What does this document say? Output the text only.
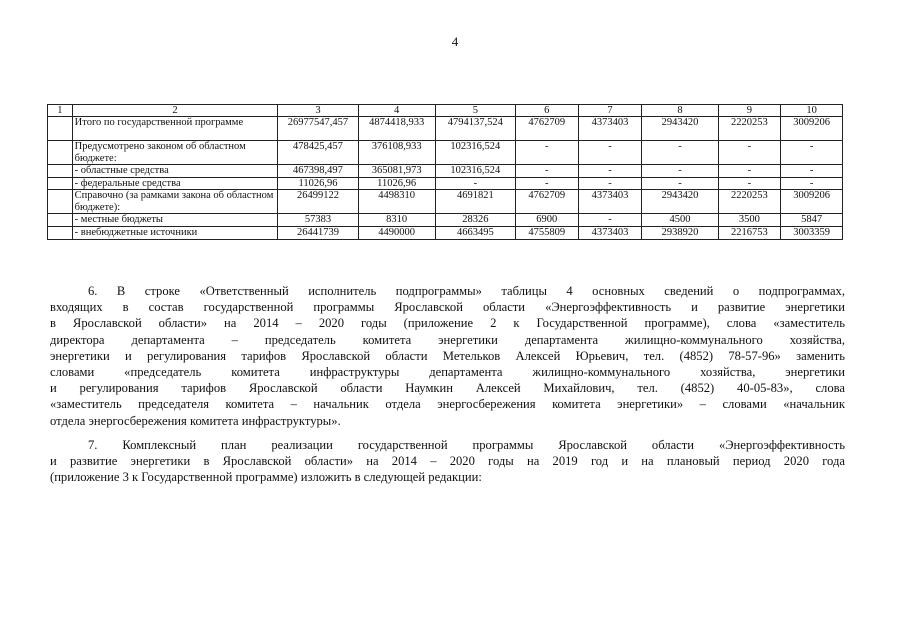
4
1	2	3	4	5	6	7	8	9	10
	Итого по государственной программе	26977547,457	4874418,933	4794137,524	4762709	4373403	2943420	2220253	3009206
	Предусмотрено законом об областном бюджете:	478425,457	376108,933	102316,524	-	-	-	-	-
	- областные средства	467398,497	365081,973	102316,524	-	-	-	-	-
	- федеральные средства	11026,96	11026,96	-	-	-	-	-	-
	Справочно (за рамками закона об областном бюджете):	26499122	4498310	4691821	4762709	4373403	2943420	2220253	3009206
	- местные бюджеты	57383	8310	28326	6900	-	4500	3500	5847
	- внебюджетные источники	26441739	4490000	4663495	4755809	4373403	2938920	2216753	3003359
6. В строке «Ответственный исполнитель подпрограммы» таблицы 4 основных сведений о подпрограммах,
входящих в состав государственной программы Ярославской области «Энергоэффективность и развитие энергетики
в Ярославской области» на 2014 – 2020 годы (приложение 2 к Государственной программе), слова «заместитель
директора департамента – председатель комитета энергетики департамента жилищно-коммунального хозяйства,
энергетики и регулирования тарифов Ярославской области Метельков Алексей Юрьевич, тел. (4852) 78-57-96» заменить
словами «председатель комитета инфраструктуры департамента жилищно-коммунального хозяйства, энергетики
и регулирования тарифов Ярославской области Наумкин Алексей Михайлович, тел. (4852) 40-05-83», слова
«заместитель председателя комитета – начальник отдела энергосбережения комитета энергетики» – словами «начальник
отдела энергосбережения комитета инфраструктуры».
7. Комплексный план реализации государственной программы Ярославской области «Энергоэффективность
и развитие энергетики в Ярославской области» на 2014 – 2020 годы на 2019 год и на плановый период 2020 года
(приложение 3 к Государственной программе) изложить в следующей редакции:
